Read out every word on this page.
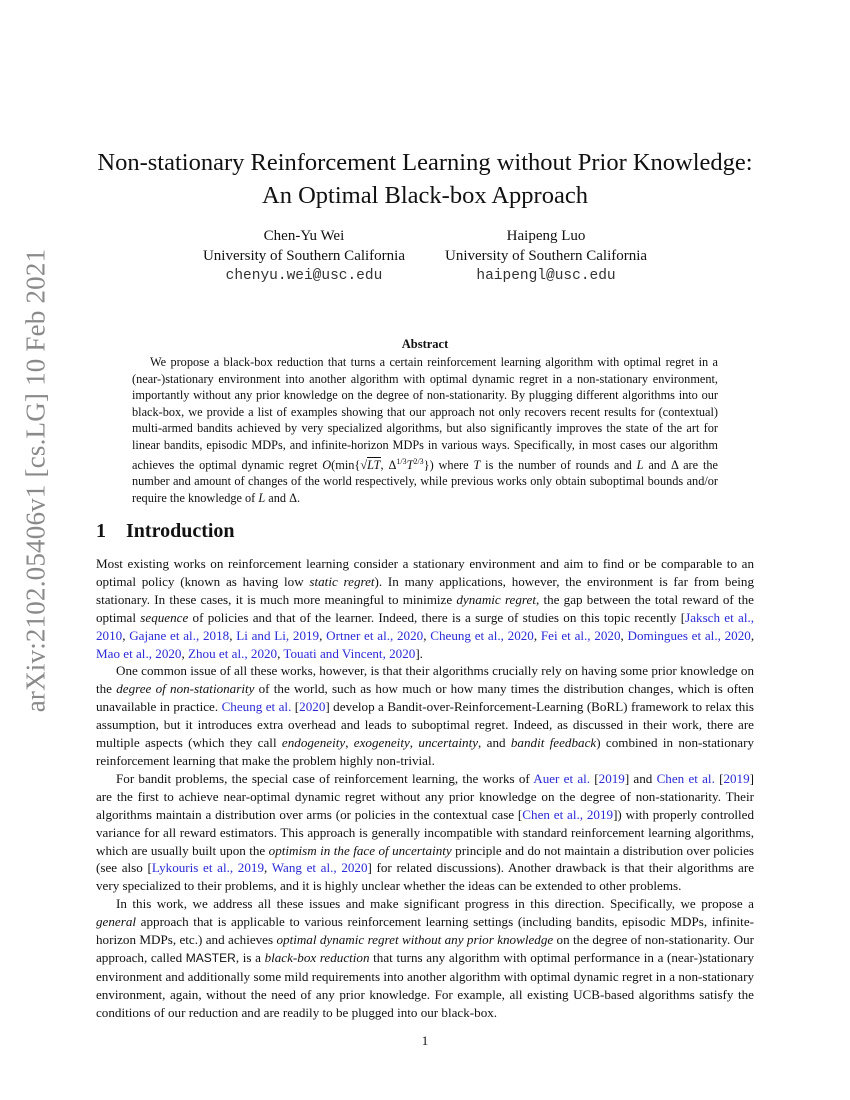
arXiv:2102.05406v1 [cs.LG] 10 Feb 2021
Non-stationary Reinforcement Learning without Prior Knowledge:
An Optimal Black-box Approach
Chen-Yu Wei
University of Southern California
chenyu.wei@usc.edu
Haipeng Luo
University of Southern California
haipengl@usc.edu
Abstract
We propose a black-box reduction that turns a certain reinforcement learning algorithm with optimal regret in a (near-)stationary environment into another algorithm with optimal dynamic regret in a non-stationary environment, importantly without any prior knowledge on the degree of non-stationarity. By plugging different algorithms into our black-box, we provide a list of examples showing that our approach not only recovers recent results for (contextual) multi-armed bandits achieved by very specialized algorithms, but also significantly improves the state of the art for linear bandits, episodic MDPs, and infinite-horizon MDPs in various ways. Specifically, in most cases our algorithm achieves the optimal dynamic regret O(min{√LT, $\Delta^{1/3}T^{2/3}$}) where T is the number of rounds and L and Δ are the number and amount of changes of the world respectively, while previous works only obtain suboptimal bounds and/or require the knowledge of L and Δ.
1 Introduction

Most existing works on reinforcement learning consider a stationary environment and aim to find or be comparable to an optimal policy (known as having low static regret). In many applications, however, the environment is far from being stationary. In these cases, it is much more meaningful to minimize dynamic regret, the gap between the total reward of the optimal sequence of policies and that of the learner. Indeed, there is a surge of studies on this topic recently [Jaksch et al., 2010, Gajane et al., 2018, Li and Li, 2019, Ortner et al., 2020, Cheung et al., 2020, Fei et al., 2020, Domingues et al., 2020, Mao et al., 2020, Zhou et al., 2020, Touati and Vincent, 2020].

One common issue of all these works, however, is that their algorithms crucially rely on having some prior knowledge on the degree of non-stationarity of the world, such as how much or how many times the distribution changes, which is often unavailable in practice. Cheung et al. [2020] develop a Bandit-over-Reinforcement-Learning (BoRL) framework to relax this assumption, but it introduces extra overhead and leads to suboptimal regret. Indeed, as discussed in their work, there are multiple aspects (which they call endogeneity, exogeneity, uncertainty, and bandit feedback) combined in non-stationary reinforcement learning that make the problem highly non-trivial.

For bandit problems, the special case of reinforcement learning, the works of Auer et al. [2019] and Chen et al. [2019] are the first to achieve near-optimal dynamic regret without any prior knowledge on the degree of non-stationarity. Their algorithms maintain a distribution over arms (or policies in the contextual case [Chen et al., 2019]) with properly controlled variance for all reward estimators. This approach is generally incompatible with standard reinforcement learning algorithms, which are usually built upon the optimism in the face of uncertainty principle and do not maintain a distribution over policies (see also [Lykouris et al., 2019, Wang et al., 2020] for related discussions). Another drawback is that their algorithms are very specialized to their problems, and it is highly unclear whether the ideas can be extended to other problems.

In this work, we address all these issues and make significant progress in this direction. Specifically, we propose a general approach that is applicable to various reinforcement learning settings (including bandits, episodic MDPs, infinite-horizon MDPs, etc.) and achieves optimal dynamic regret without any prior knowledge on the degree of non-stationarity. Our approach, called MASTER, is a black-box reduction that turns any algorithm with optimal performance in a (near-)stationary environment and additionally some mild requirements into another algorithm with optimal dynamic regret in a non-stationary environment, again, without the need of any prior knowledge. For example, all existing UCB-based algorithms satisfy the conditions of our reduction and are readily to be plugged into our black-box.

1
